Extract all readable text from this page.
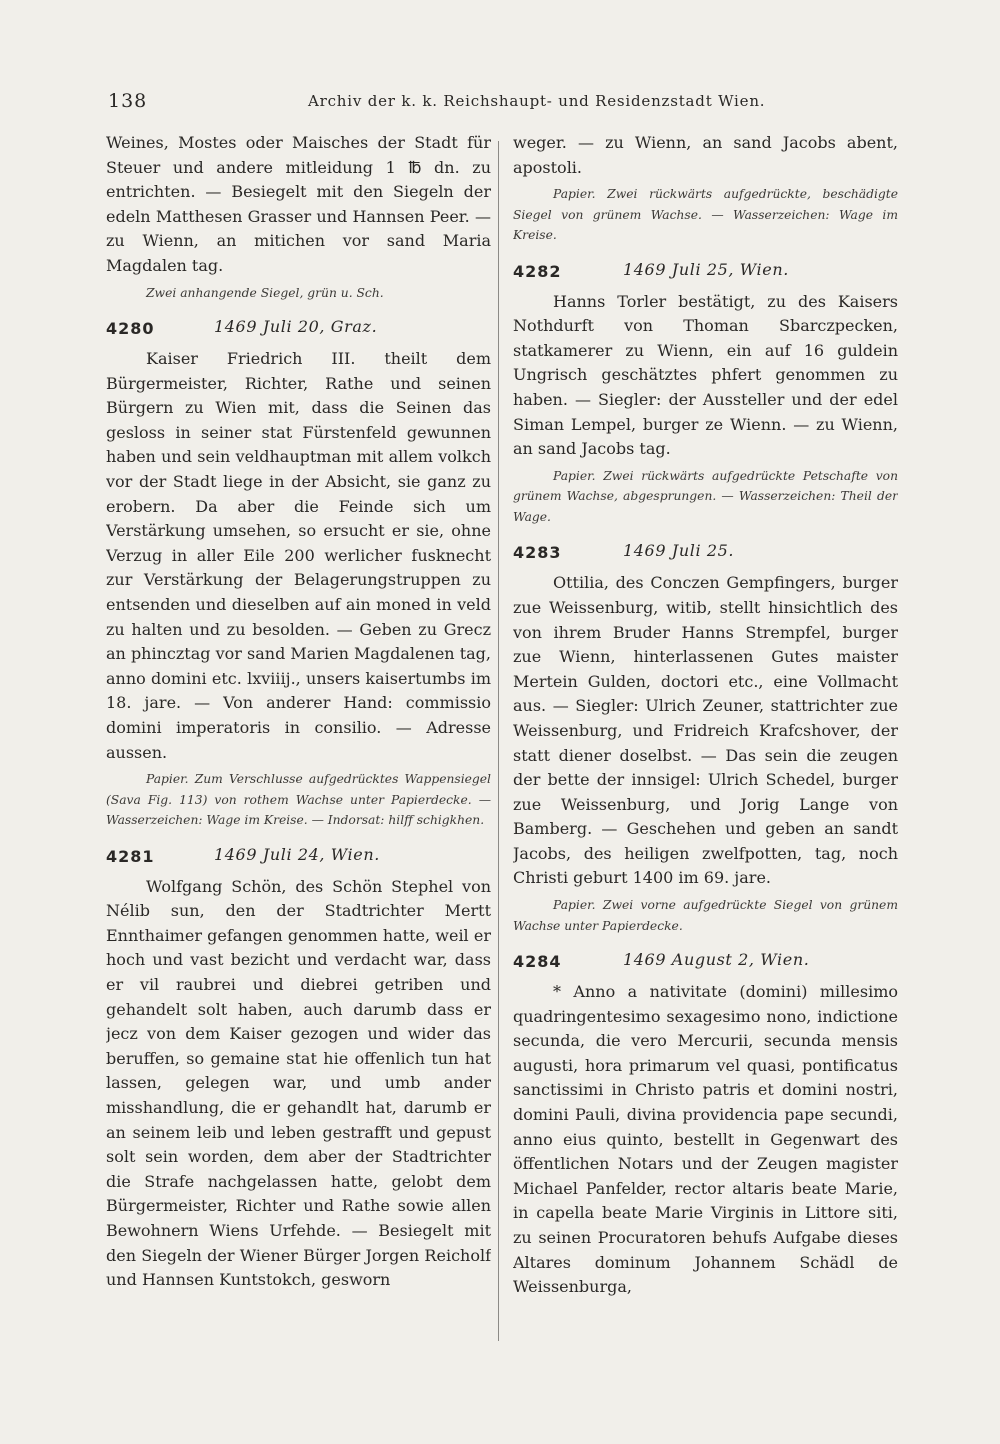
138	Archiv der k. k. Reichshaupt- und Residenzstadt Wien.

Weines, Mostes oder Maisches der Stadt für Steuer und andere mitleidung 1 ℔ dn. zu entrichten. — Besiegelt mit den Siegeln der edeln Matthesen Grasser und Hannsen Peer. — zu Wienn, an mitichen vor sand Maria Magdalen tag.

Zwei anhangende Siegel, grün u. Sch.

4280	1469 Juli 20, Graz.

Kaiser Friedrich III. theilt dem Bürgermeister, Richter, Rathe und seinen Bürgern zu Wien mit, dass die Seinen das gesloss in seiner stat Fürstenfeld gewunnen haben und sein veldhauptman mit allem volkch vor der Stadt liege in der Absicht, sie ganz zu erobern. Da aber die Feinde sich um Verstärkung umsehen, so ersucht er sie, ohne Verzug in aller Eile 200 werlicher fusknecht zur Verstärkung der Belagerungstruppen zu entsenden und dieselben auf ain moned in veld zu halten und zu besolden. — Geben zu Grecz an phincztag vor sand Marien Magdalenen tag, anno domini etc. lxviiij., unsers kaisertumbs im 18. jare. — Von anderer Hand: commissio domini imperatoris in consilio. — Adresse aussen.

Papier. Zum Verschlusse aufgedrücktes Wappensiegel (Sava Fig. 113) von rothem Wachse unter Papierdecke. — Wasserzeichen: Wage im Kreise. — Indorsat: hilff schigkhen.

4281	1469 Juli 24, Wien.

Wolfgang Schön, des Schön Stephel von Nélib sun, den der Stadtrichter Mertt Ennthaimer gefangen genommen hatte, weil er hoch und vast bezicht und verdacht war, dass er vil raubrei und diebrei getriben und gehandelt solt haben, auch darumb dass er jecz von dem Kaiser gezogen und wider das beruffen, so gemaine stat hie offenlich tun hat lassen, gelegen war, und umb ander misshandlung, die er gehandlt hat, darumb er an seinem leib und leben gestrafft und gepust solt sein worden, dem aber der Stadtrichter die Strafe nachgelassen hatte, gelobt dem Bürgermeister, Richter und Rathe sowie allen Bewohnern Wiens Urfehde. — Besiegelt mit den Siegeln der Wiener Bürger Jorgen Reicholf und Hannsen Kuntstokch, gesworn

weger. — zu Wienn, an sand Jacobs abent, apostoli.

Papier. Zwei rückwärts aufgedrückte, beschädigte Siegel von grünem Wachse. — Wasserzeichen: Wage im Kreise.

4282	1469 Juli 25, Wien.

Hanns Torler bestätigt, zu des Kaisers Nothdurft von Thoman Sbarczpecken, statkamerer zu Wienn, ein auf 16 guldein Ungrisch geschätztes phfert genommen zu haben. — Siegler: der Aussteller und der edel Siman Lempel, burger ze Wienn. — zu Wienn, an sand Jacobs tag.

Papier. Zwei rückwärts aufgedrückte Petschafte von grünem Wachse, abgesprungen. — Wasserzeichen: Theil der Wage.

4283	1469 Juli 25.

Ottilia, des Conczen Gempfingers, burger zue Weissenburg, witib, stellt hinsichtlich des von ihrem Bruder Hanns Strempfel, burger zue Wienn, hinterlassenen Gutes maister Mertein Gulden, doctori etc., eine Vollmacht aus. — Siegler: Ulrich Zeuner, stattrichter zue Weissenburg, und Fridreich Krafcshover, der statt diener doselbst. — Das sein die zeugen der bette der innsigel: Ulrich Schedel, burger zue Weissenburg, und Jorig Lange von Bamberg. — Geschehen und geben an sandt Jacobs, des heiligen zwelfpotten, tag, noch Christi geburt 1400 im 69. jare.

Papier. Zwei vorne aufgedrückte Siegel von grünem Wachse unter Papierdecke.

4284	1469 August 2, Wien.

* Anno a nativitate (domini) millesimo quadringentesimo sexagesimo nono, indictione secunda, die vero Mercurii, secunda mensis augusti, hora primarum vel quasi, pontificatus sanctissimi in Christo patris et domini nostri, domini Pauli, divina providencia pape secundi, anno eius quinto, bestellt in Gegenwart des öffentlichen Notars und der Zeugen magister Michael Panfelder, rector altaris beate Marie, in capella beate Marie Virginis in Littore siti, zu seinen Procuratoren behufs Aufgabe dieses Altares dominum Johannem Schädl de Weissenburga,
